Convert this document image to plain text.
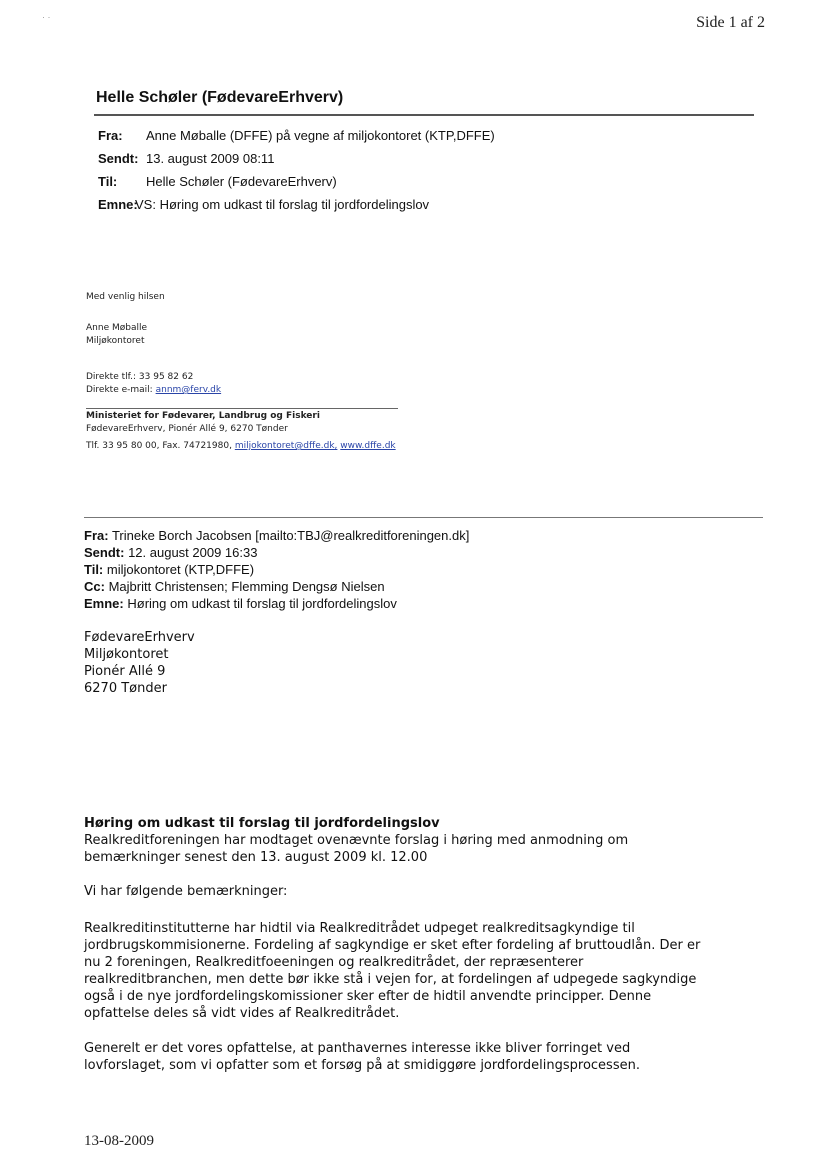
· ·	Side 1 af 2
Helle Schøler (FødevareErhverv)
Fra:	Anne Møballe (DFFE) på vegne af miljokontoret (KTP,DFFE)
Sendt: 13. august 2009 08:11
Til:	Helle Schøler (FødevareErhverv)
Emne:
VS: Høring om udkast til forslag til jordfordelingslov
Med venlig hilsen
Anne Møballe
Miljøkontoret
Direkte tlf.: 33 95 82 62
Direkte e-mail: annm@ferv.dk
Ministeriet for Fødevarer, Landbrug og Fiskeri
FødevareErhverv, Pionér Allé 9, 6270 Tønder
Tlf. 33 95 80 00, Fax. 74721980, miljokontoret@dffe.dk, www.dffe.dk
Fra: Trineke Borch Jacobsen [mailto:TBJ@realkreditforeningen.dk]
Sendt: 12. august 2009 16:33
Til: miljokontoret (KTP,DFFE)
Cc: Majbritt Christensen; Flemming Dengsø Nielsen
Emne: Høring om udkast til forslag til jordfordelingslov
FødevareErhverv
Miljøkontoret
Pionér Allé 9
6270 Tønder
Høring om udkast til forslag til jordfordelingslov

Realkreditforeningen har modtaget ovenævnte forslag i høring med anmodning om

bemærkninger senest den 13. august 2009 kl. 12.00

Vi har følgende bemærkninger:

Realkreditinstitutterne har hidtil via Realkreditrådet udpeget realkreditsagkyndige til

jordbrugskommisionerne. Fordeling af sagkyndige er sket efter fordeling af bruttoudlån. Der er

nu 2 foreningen, Realkreditfoeeningen og realkreditrådet, der repræsenterer

realkreditbranchen, men dette bør ikke stå i vejen for, at fordelingen af udpegede sagkyndige

også i de nye jordfordelingskomissioner sker efter de hidtil anvendte principper. Denne

opfattelse deles så vidt vides af Realkreditrådet.

Generelt er det vores opfattelse, at panthavernes interesse ikke bliver forringet ved

lovforslaget, som vi opfatter som et forsøg på at smidiggøre jordfordelingsprocessen.

13-08-2009
